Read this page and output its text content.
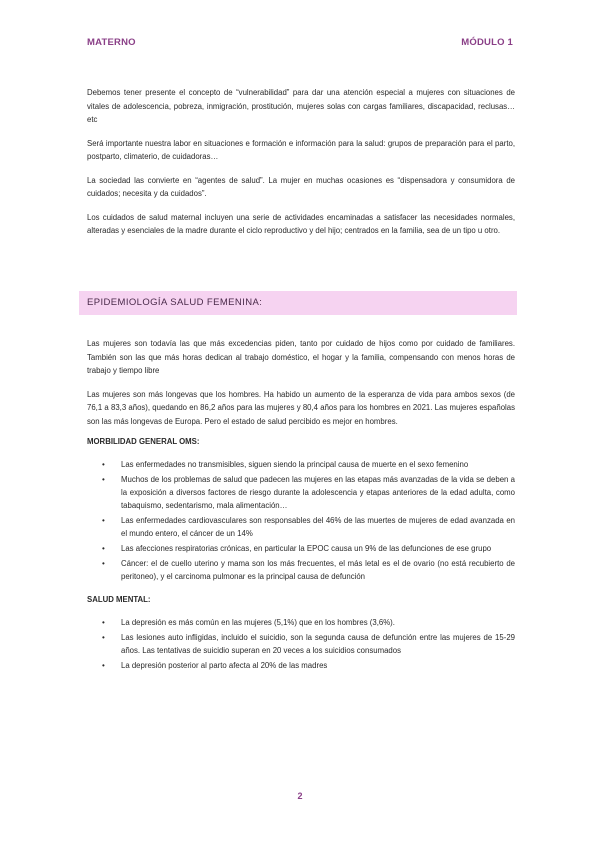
MATERNO	MÓDULO 1

Debemos tener presente el concepto de “vulnerabilidad” para dar una atención especial a mujeres con situaciones de vitales de adolescencia, pobreza, inmigración, prostitución, mujeres solas con cargas familiares, discapacidad, reclusas…etc

Será importante nuestra labor en situaciones e formación e información para la salud: grupos de preparación para el parto, postparto, climaterio, de cuidadoras…

La sociedad las convierte en “agentes de salud”. La mujer en muchas ocasiones es “dispensadora y consumidora de cuidados; necesita y da cuidados”.

Los cuidados de salud maternal incluyen una serie de actividades encaminadas a satisfacer las necesidades normales, alteradas y esenciales de la madre durante el ciclo reproductivo y del hijo; centrados en la familia, sea de un tipo u otro.

EPIDEMIOLOGÍA SALUD FEMENINA:

Las mujeres son todavía las que más excedencias piden, tanto por cuidado de hijos como por cuidado de familiares. También son las que más horas dedican al trabajo doméstico, el hogar y la familia, compensando con menos horas de trabajo y tiempo libre

Las mujeres son más longevas que los hombres. Ha habido un aumento de la esperanza de vida para ambos sexos (de 76,1 a 83,3 años), quedando en 86,2 años para las mujeres y 80,4 años para los hombres en 2021. Las mujeres españolas son las más longevas de Europa. Pero el estado de salud percibido es mejor en hombres.

MORBILIDAD GENERAL OMS:

• Las enfermedades no transmisibles, siguen siendo la principal causa de muerte en el sexo femenino
• Muchos de los problemas de salud que padecen las mujeres en las etapas más avanzadas de la vida se deben a la exposición a diversos factores de riesgo durante la adolescencia y etapas anteriores de la edad adulta, como tabaquismo, sedentarismo, mala alimentación…
• Las enfermedades cardiovasculares son responsables del 46% de las muertes de mujeres de edad avanzada en el mundo entero, el cáncer de un 14%
• Las afecciones respiratorias crónicas, en particular la EPOC causa un 9% de las defunciones de ese grupo
• Cáncer: el de cuello uterino y mama son los más frecuentes, el más letal es el de ovario (no está recubierto de peritoneo), y el carcinoma pulmonar es la principal causa de defunción

SALUD MENTAL:

• La depresión es más común en las mujeres (5,1%) que en los hombres (3,6%).
• Las lesiones auto infligidas, incluido el suicidio, son la segunda causa de defunción entre las mujeres de 15-29 años. Las tentativas de suicidio superan en 20 veces a los suicidios consumados
• La depresión posterior al parto afecta al 20% de las madres
2
